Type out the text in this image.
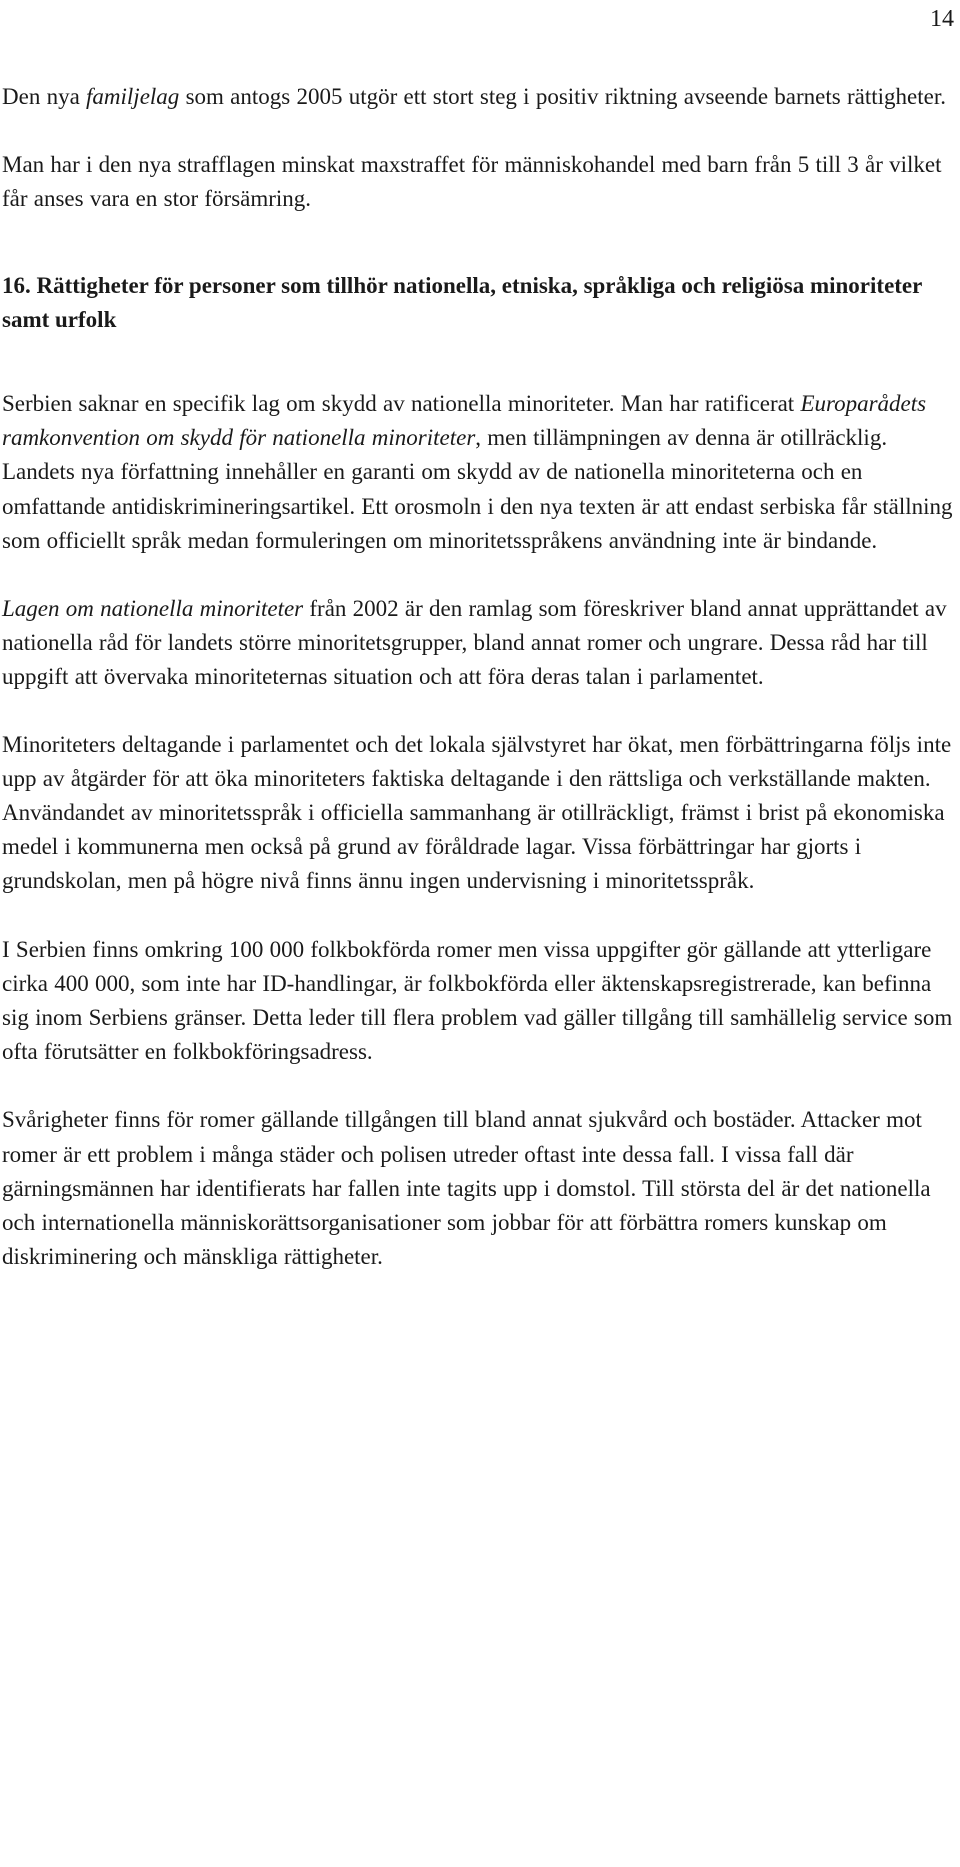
14

Den nya familjelag som antogs 2005 utgör ett stort steg i positiv riktning avseende barnets rättigheter.

Man har i den nya strafflagen minskat maxstraffet för människohandel med barn från 5 till 3 år vilket får anses vara en stor försämring.

16. Rättigheter för personer som tillhör nationella, etniska, språkliga och religiösa minoriteter samt urfolk

Serbien saknar en specifik lag om skydd av nationella minoriteter. Man har ratificerat Europarådets ramkonvention om skydd för nationella minoriteter, men tillämpningen av denna är otillräcklig. Landets nya författning innehåller en garanti om skydd av de nationella minoriteterna och en omfattande antidiskrimineringsartikel. Ett orosmoln i den nya texten är att endast serbiska får ställning som officiellt språk medan formuleringen om minoritetsspråkens användning inte är bindande.

Lagen om nationella minoriteter från 2002 är den ramlag som föreskriver bland annat upprättandet av nationella råd för landets större minoritetsgrupper, bland annat romer och ungrare. Dessa råd har till uppgift att övervaka minoriteternas situation och att föra deras talan i parlamentet.

Minoriteters deltagande i parlamentet och det lokala självstyret har ökat, men förbättringarna följs inte upp av åtgärder för att öka minoriteters faktiska deltagande i den rättsliga och verkställande makten. Användandet av minoritetsspråk i officiella sammanhang är otillräckligt, främst i brist på ekonomiska medel i kommunerna men också på grund av föråldrade lagar. Vissa förbättringar har gjorts i grundskolan, men på högre nivå finns ännu ingen undervisning i minoritetsspråk.

I Serbien finns omkring 100 000 folkbokförda romer men vissa uppgifter gör gällande att ytterligare cirka 400 000, som inte har ID-handlingar, är folkbokförda eller äktenskapsregistrerade, kan befinna sig inom Serbiens gränser. Detta leder till flera problem vad gäller tillgång till samhällelig service som ofta förutsätter en folkbokföringsadress.

Svårigheter finns för romer gällande tillgången till bland annat sjukvård och bostäder. Attacker mot romer är ett problem i många städer och polisen utreder oftast inte dessa fall. I vissa fall där gärningsmännen har identifierats har fallen inte tagits upp i domstol. Till största del är det nationella och internationella människorättsorganisationer som jobbar för att förbättra romers kunskap om diskriminering och mänskliga rättigheter.
